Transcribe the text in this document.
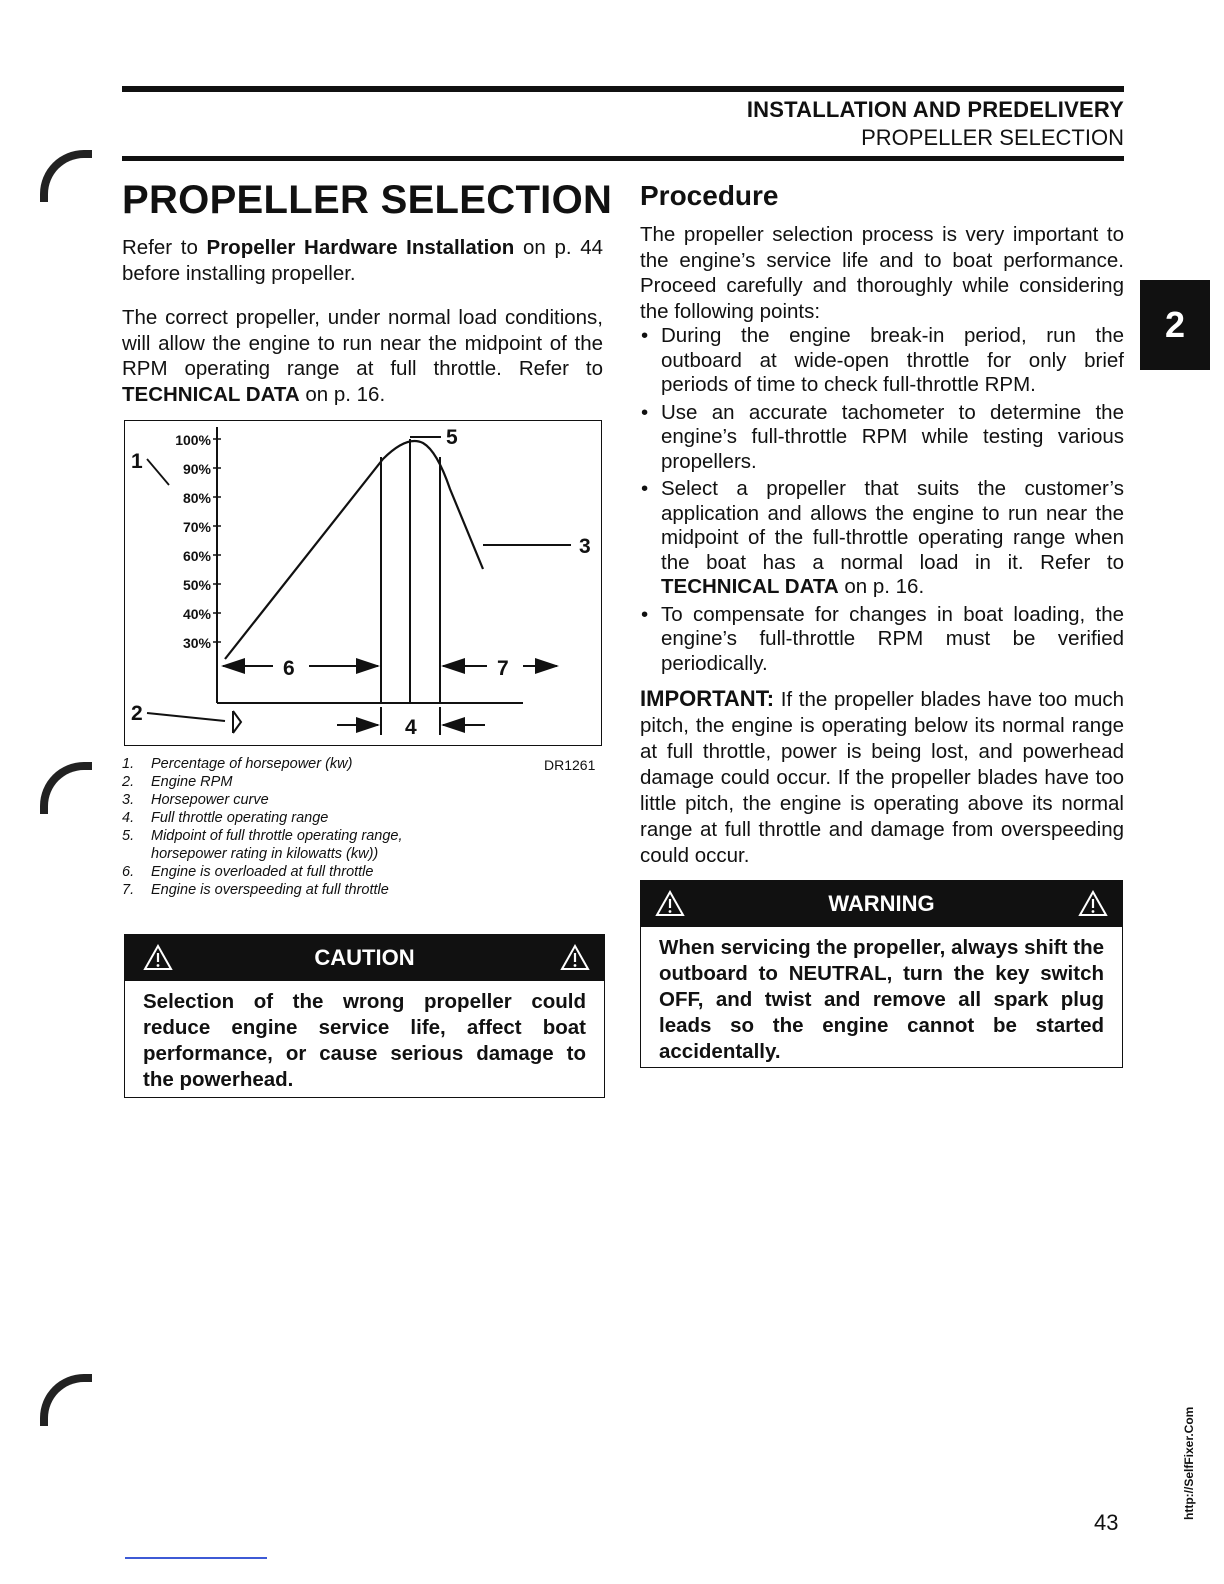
INSTALLATION AND PREDELIVERY
PROPELLER SELECTION
PROPELLER SELECTION
Refer to Propeller Hardware Installation on p. 44 before installing propeller.
The correct propeller, under normal load conditions, will allow the engine to run near the midpoint of the RPM operating range at full throttle. Refer to TECHNICAL DATA on p. 16.
100%
90%
80%
70%
60%
50%
40%
30%
1
2
3
4
5
6	7
DR1261
1. Percentage of horsepower (kw)
2. Engine RPM
3. Horsepower curve
4. Full throttle operating range
5. Midpoint of full throttle operating range, horsepower rating in kilowatts (kw))
6. Engine is overloaded at full throttle
7. Engine is overspeeding at full throttle
CAUTION
Selection of the wrong propeller could reduce engine service life, affect boat performance, or cause serious damage to the powerhead.
Procedure
The propeller selection process is very important to the engine’s service life and to boat performance. Proceed carefully and thoroughly while considering the following points:
• During the engine break-in period, run the outboard at wide-open throttle for only brief periods of time to check full-throttle RPM.
• Use an accurate tachometer to determine the engine’s full-throttle RPM while testing various propellers.
• Select a propeller that suits the customer’s application and allows the engine to run near the midpoint of the full-throttle operating range when the boat has a normal load in it. Refer to TECHNICAL DATA on p. 16.
• To compensate for changes in boat loading, the engine’s full-throttle RPM must be verified periodically.
IMPORTANT: If the propeller blades have too much pitch, the engine is operating below its normal range at full throttle, power is being lost, and powerhead damage could occur. If the propeller blades have too little pitch, the engine is operating above its normal range at full throttle and damage from overspeeding could occur.
WARNING
When servicing the propeller, always shift the outboard to NEUTRAL, turn the key switch OFF, and twist and remove all spark plug leads so the engine cannot be started accidentally.
2
43
http://SelfFixer.Com
